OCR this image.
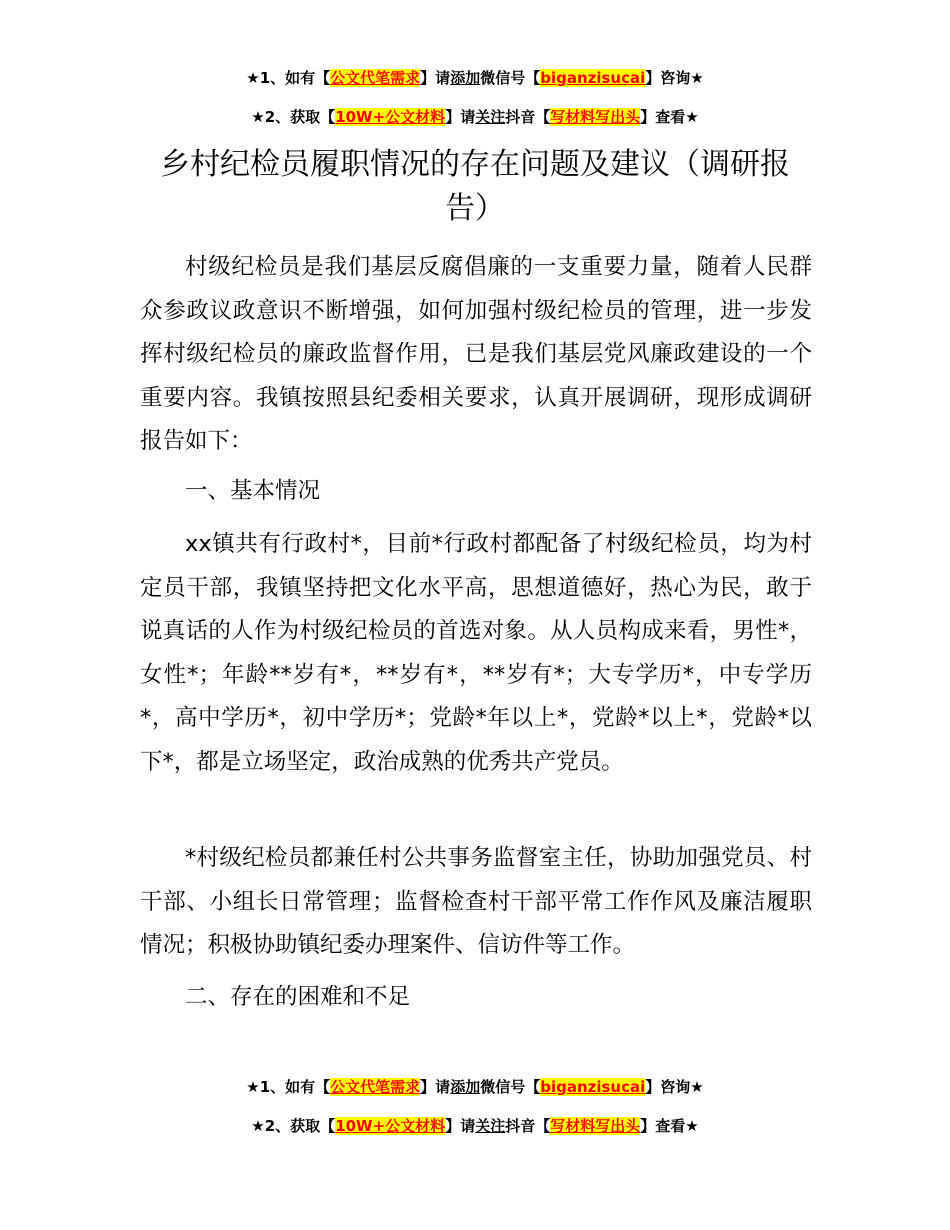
★1、如有【公文代笔需求】请添加微信号【biganzisucai】咨询★
★2、获取【10W+公文材料】请关注抖音【写材料写出头】查看★
乡村纪检员履职情况的存在问题及建议（调研报告）

村级纪检员是我们基层反腐倡廉的一支重要力量，随着人民群众参政议政意识不断增强，如何加强村级纪检员的管理，进一步发挥村级纪检员的廉政监督作用，已是我们基层党风廉政建设的一个重要内容。我镇按照县纪委相关要求，认真开展调研，现形成调研报告如下：

一、基本情况

xx镇共有行政村*，目前*行政村都配备了村级纪检员，均为村定员干部，我镇坚持把文化水平高，思想道德好，热心为民，敢于说真话的人作为村级纪检员的首选对象。从人员构成来看，男性*，女性*；年龄**岁有*，**岁有*，**岁有*；大专学历*，中专学历*，高中学历*，初中学历*；党龄*年以上*，党龄*以上*，党龄*以下*，都是立场坚定，政治成熟的优秀共产党员。

*村级纪检员都兼任村公共事务监督室主任，协助加强党员、村干部、小组长日常管理；监督检查村干部平常工作作风及廉洁履职情况；积极协助镇纪委办理案件、信访件等工作。

二、存在的困难和不足

★1、如有【公文代笔需求】请添加微信号【biganzisucai】咨询★
★2、获取【10W+公文材料】请关注抖音【写材料写出头】查看★
